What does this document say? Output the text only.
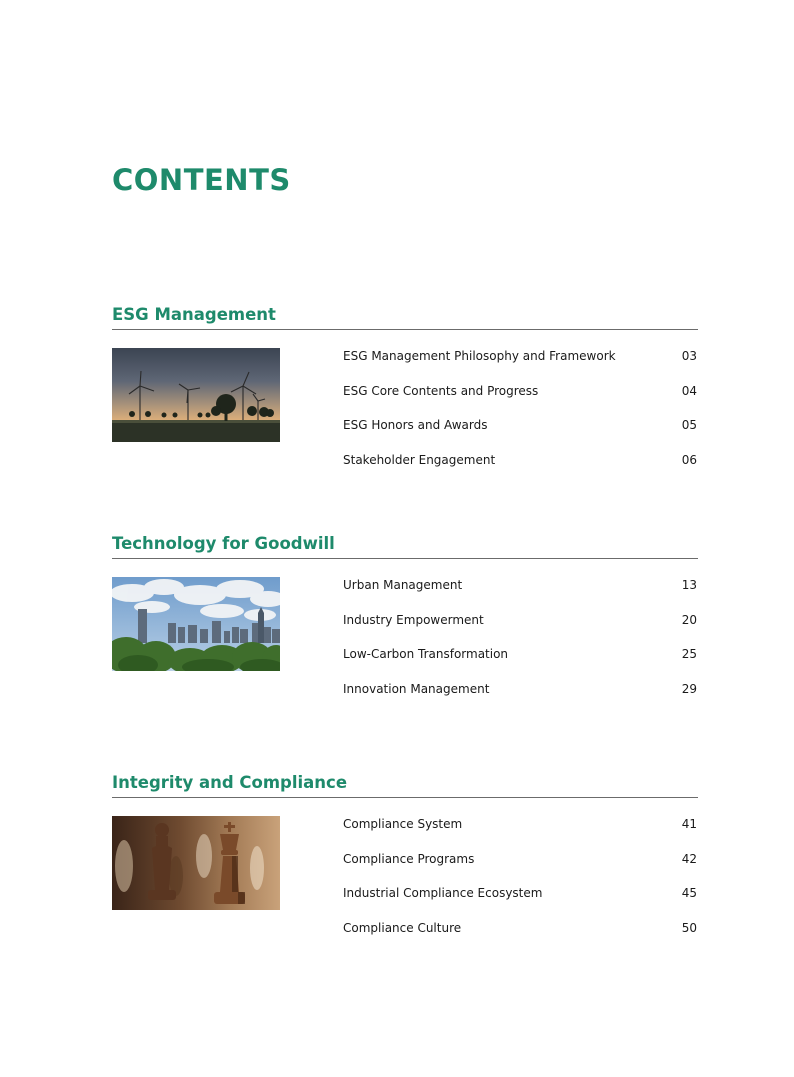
CONTENTS
ESG Management
ESG Management Philosophy and Framework	03
ESG Core Contents and Progress	04
ESG Honors and Awards	05
Stakeholder Engagement	06
Technology for Goodwill
Urban Management	13
Industry Empowerment	20
Low-Carbon Transformation	25
Innovation Management	29
Integrity and Compliance
Compliance System	41
Compliance Programs	42
Industrial Compliance Ecosystem	45
Compliance Culture	50
